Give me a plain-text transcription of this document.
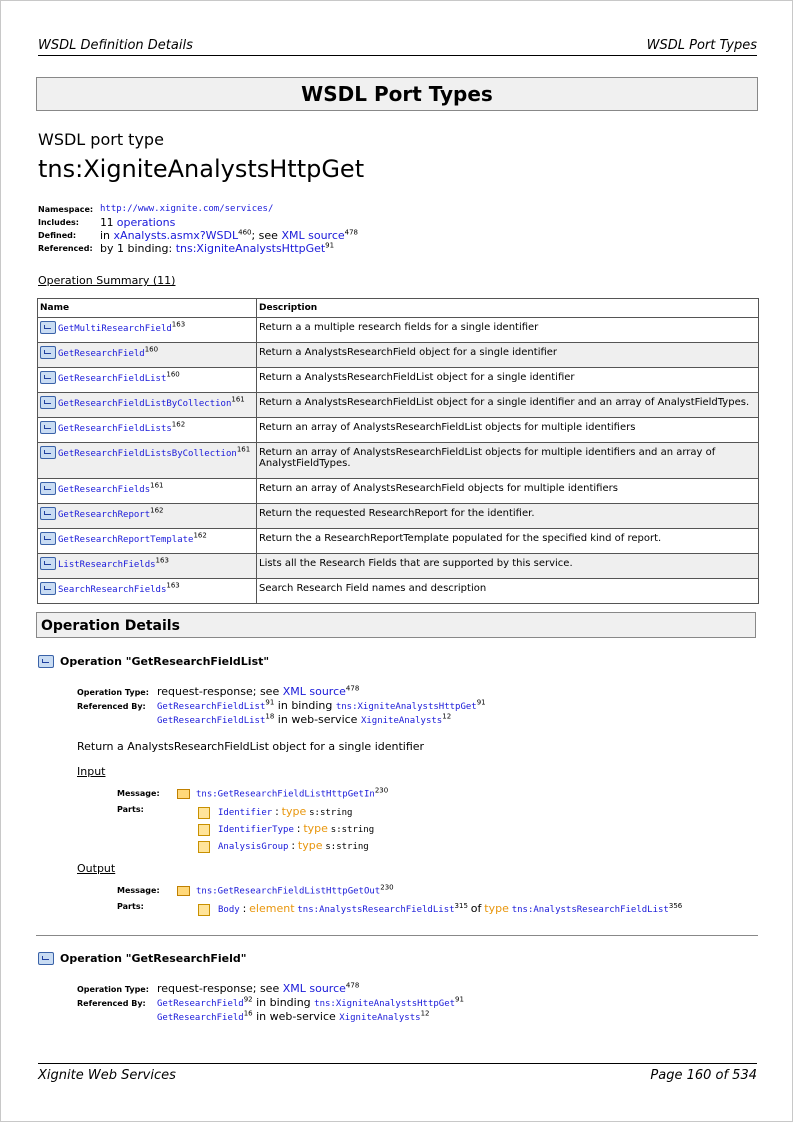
WSDL Definition Details	WSDL Port Types
WSDL Port Types
WSDL port type
tns:XigniteAnalystsHttpGet
Namespace: http://www.xignite.com/services/
Includes:	11 operations
Defined:	in xAnalysts.asmx?WSDL$^{460}$; see XML source$^{478}$
Referenced: by 1 binding: tns:XigniteAnalystsHttpGet$^{91}$
Operation Summary (11)
Name	Description
GetMultiResearchField$^{163}$	Return a a multiple research fields for a single identifier

GetResearchField$^{160}$	Return a AnalystsResearchField object for a single identifier

GetResearchFieldList$^{160}$	Return a AnalystsResearchFieldList object for a single identifier

GetResearchFieldListByCollection$^{161}$	Return a AnalystsResearchFieldList object for a single identifier and an array of AnalystFieldTypes.

GetResearchFieldLists$^{162}$	Return an array of AnalystsResearchFieldList objects for multiple identifiers

GetResearchFieldListsByCollection$^{161}$	Return an array of AnalystsResearchFieldList objects for multiple identifiers and an array of AnalystFieldTypes.

GetResearchFields$^{161}$	Return an array of AnalystsResearchField objects for multiple identifiers

GetResearchReport$^{162}$	Return the requested ResearchReport for the identifier.

GetResearchReportTemplate$^{162}$	Return the a ResearchReportTemplate populated for the specified kind of report.

ListResearchFields$^{163}$	Lists all the Research Fields that are supported by this service.

SearchResearchFields$^{163}$	Search Research Field names and description
Operation Details
Operation "GetResearchFieldList"
Operation Type: request-response; see XML source$^{478}$
Referenced By: GetResearchFieldList$^{91}$ in binding tns:XigniteAnalystsHttpGet$^{91}$
GetResearchFieldList$^{18}$ in web-service XigniteAnalysts$^{12}$
Return a AnalystsResearchFieldList object for a single identifier
Input
Message:	tns:GetResearchFieldListHttpGetIn$^{230}$
Parts:	Identifier : type s:string
IdentifierType : type s:string
AnalysisGroup : type s:string
Output
Message:	tns:GetResearchFieldListHttpGetOut$^{230}$
Parts:	Body : element tns:AnalystsResearchFieldList$^{315}$ of type tns:AnalystsResearchFieldList$^{356}$
Operation "GetResearchField"
Operation Type: request-response; see XML source$^{478}$
Referenced By: GetResearchField$^{92}$ in binding tns:XigniteAnalystsHttpGet$^{91}$
GetResearchField$^{16}$ in web-service XigniteAnalysts$^{12}$
Xignite Web Services	Page 160 of 534
